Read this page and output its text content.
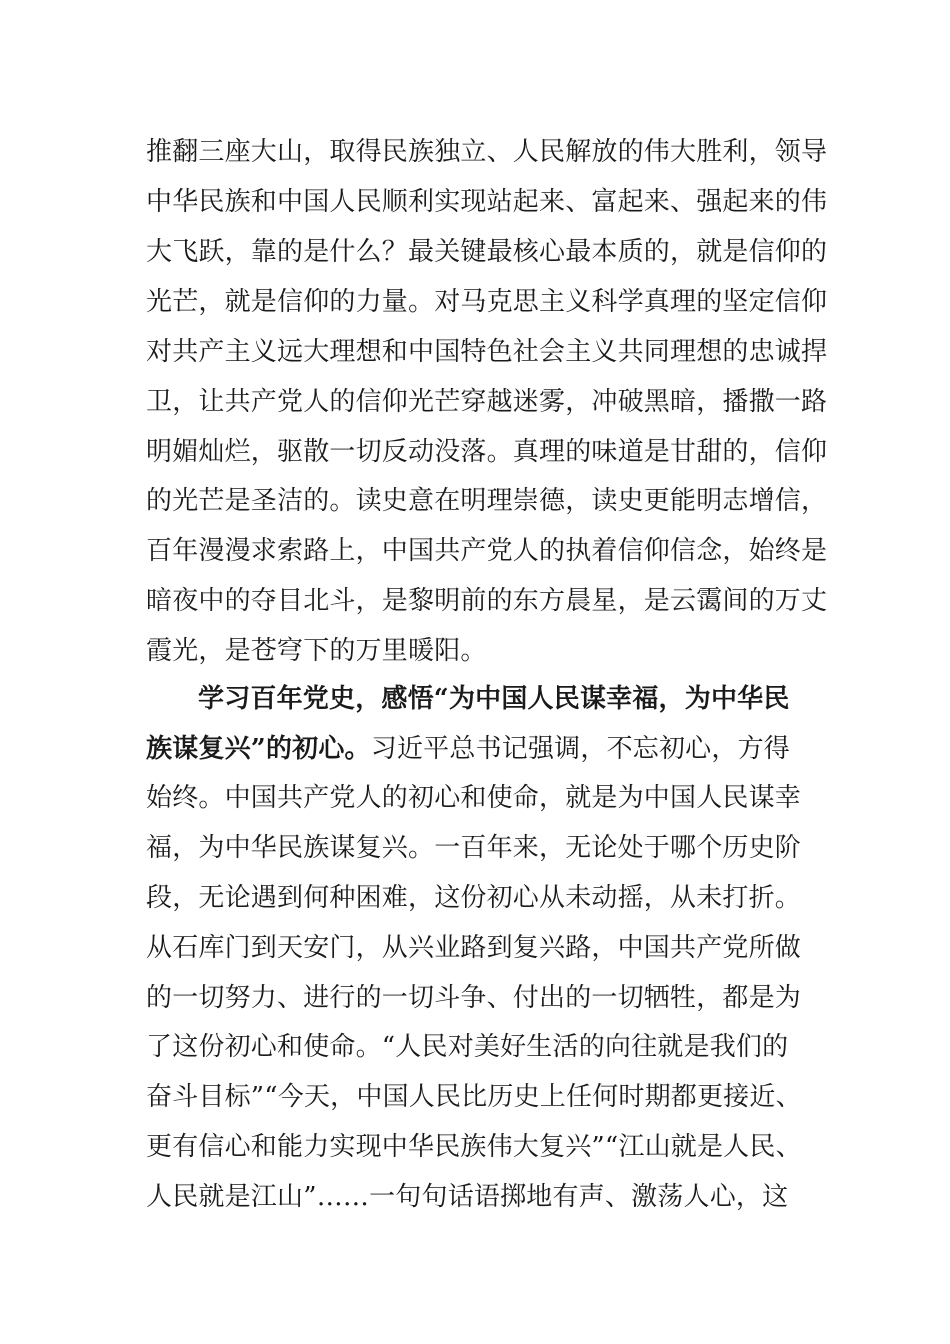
推翻三座大山，取得民族独立、人民解放的伟大胜利，领导
中华民族和中国人民顺利实现站起来、富起来、强起来的伟
大飞跃，靠的是什么？最关键最核心最本质的，就是信仰的
光芒，就是信仰的力量。对马克思主义科学真理的坚定信仰
对共产主义远大理想和中国特色社会主义共同理想的忠诚捍
卫，让共产党人的信仰光芒穿越迷雾，冲破黑暗，播撒一路
明媚灿烂，驱散一切反动没落。真理的味道是甘甜的，信仰
的光芒是圣洁的。读史意在明理崇德，读史更能明志增信，
百年漫漫求索路上，中国共产党人的执着信仰信念，始终是
暗夜中的夺目北斗，是黎明前的东方晨星，是云霭间的万丈
霞光，是苍穹下的万里暖阳。
学习百年党史，感悟“为中国人民谋幸福，为中华民
族谋复兴”的初心。习近平总书记强调，不忘初心，方得
始终。中国共产党人的初心和使命，就是为中国人民谋幸
福，为中华民族谋复兴。一百年来，无论处于哪个历史阶
段，无论遇到何种困难，这份初心从未动摇，从未打折。
从石库门到天安门，从兴业路到复兴路，中国共产党所做
的一切努力、进行的一切斗争、付出的一切牺牲，都是为
了这份初心和使命。“人民对美好生活的向往就是我们的
奋斗目标”“今天，中国人民比历史上任何时期都更接近、
更有信心和能力实现中华民族伟大复兴”“江山就是人民、
人民就是江山”……一句句话语掷地有声、激荡人心，这
